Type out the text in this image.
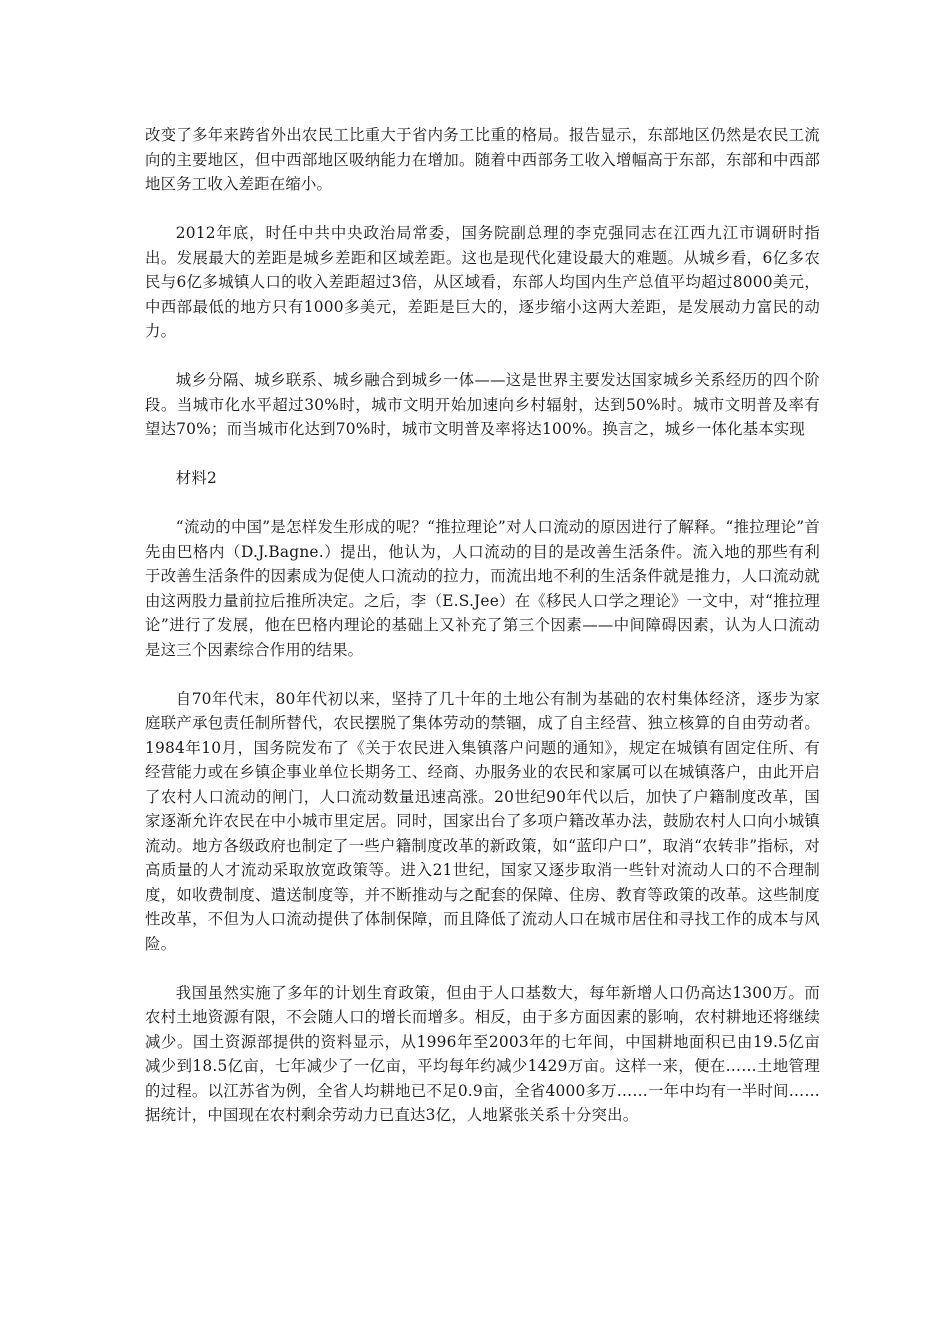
改变了多年来跨省外出农民工比重大于省内务工比重的格局。报告显示，东部地区仍然是农民工流向的主要地区，但中西部地区吸纳能力在增加。随着中西部务工收入增幅高于东部，东部和中西部地区务工收入差距在缩小。

2012年底，时任中共中央政治局常委，国务院副总理的李克强同志在江西九江市调研时指出。发展最大的差距是城乡差距和区域差距。这也是现代化建设最大的难题。从城乡看，6亿多农民与6亿多城镇人口的收入差距超过3倍，从区域看，东部人均国内生产总值平均超过8000美元，中西部最低的地方只有1000多美元，差距是巨大的，逐步缩小这两大差距，是发展动力富民的动力。

城乡分隔、城乡联系、城乡融合到城乡一体——这是世界主要发达国家城乡关系经历的四个阶段。当城市化水平超过30%时，城市文明开始加速向乡村辐射，达到50%时。城市文明普及率有望达70%；而当城市化达到70%时，城市文明普及率将达100%。换言之，城乡一体化基本实现

材料2

“流动的中国”是怎样发生形成的呢？“推拉理论”对人口流动的原因进行了解释。“推拉理论”首先由巴格内（D.J.Bagne.）提出，他认为，人口流动的目的是改善生活条件。流入地的那些有利于改善生活条件的因素成为促使人口流动的拉力，而流出地不利的生活条件就是推力，人口流动就由这两股力量前拉后推所决定。之后，李（E.S.Jee）在《移民人口学之理论》一文中，对“推拉理论”进行了发展，他在巴格内理论的基础上又补充了第三个因素——中间障碍因素，认为人口流动是这三个因素综合作用的结果。

自70年代末，80年代初以来，坚持了几十年的土地公有制为基础的农村集体经济，逐步为家庭联产承包责任制所替代，农民摆脱了集体劳动的禁锢，成了自主经营、独立核算的自由劳动者。1984年10月，国务院发布了《关于农民进入集镇落户问题的通知》，规定在城镇有固定住所、有经营能力或在乡镇企事业单位长期务工、经商、办服务业的农民和家属可以在城镇落户，由此开启了农村人口流动的闸门，人口流动数量迅速高涨。20世纪90年代以后，加快了户籍制度改革，国家逐渐允许农民在中小城市里定居。同时，国家出台了多项户籍改革办法，鼓励农村人口向小城镇流动。地方各级政府也制定了一些户籍制度改革的新政策，如“蓝印户口”，取消“农转非”指标，对高质量的人才流动采取放宽政策等。进入21世纪，国家又逐步取消一些针对流动人口的不合理制度，如收费制度、遣送制度等，并不断推动与之配套的保障、住房、教育等政策的改革。这些制度性改革，不但为人口流动提供了体制保障，而且降低了流动人口在城市居住和寻找工作的成本与风险。

我国虽然实施了多年的计划生育政策，但由于人口基数大，每年新增人口仍高达1300万。而农村土地资源有限，不会随人口的增长而增多。相反，由于多方面因素的影响，农村耕地还将继续减少。国土资源部提供的资料显示，从1996年至2003年的七年间，中国耕地面积已由19.5亿亩减少到18.5亿亩，七年减少了一亿亩，平均每年约减少1429万亩。这样一来，便在……土地管理的过程。以江苏省为例，全省人均耕地已不足0.9亩，全省4000多万……一年中均有一半时间……据统计，中国现在农村剩余劳动力已直达3亿，人地紧张关系十分突出。
